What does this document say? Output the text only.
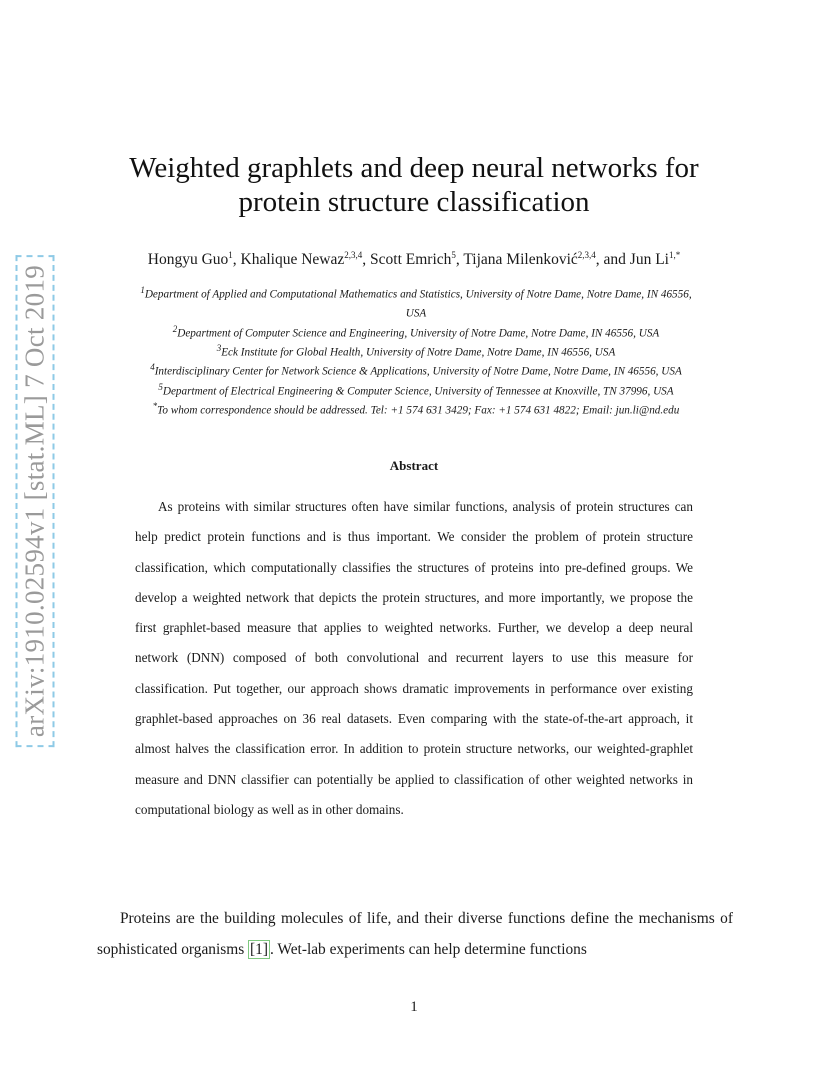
arXiv:1910.02594v1 [stat.ML] 7 Oct 2019
Weighted graphlets and deep neural networks for
protein structure classification
Hongyu Guo$^1$, Khalique Newaz$^{2,3,4}$, Scott Emrich$^5$, Tijana Milenković$^{2,3,4}$, and Jun $Li^{1,*}$
$^1$Department of Applied and Computational Mathematics and Statistics, University of Notre Dame, Notre Dame, IN 46556,
USA
$^2$Department of Computer Science and Engineering, University of Notre Dame, Notre Dame, IN 46556, USA
$^3$Eck Institute for Global Health, University of Notre Dame, Notre Dame, IN 46556, USA
$^4$Interdisciplinary Center for Network Science & Applications, University of Notre Dame, Notre Dame, IN 46556, USA
$^5$Department of Electrical Engineering & Computer Science, University of Tennessee at Knoxville, TN 37996, USA
*To whom correspondence should be addressed. Tel: +1 574 631 3429; Fax: +1 574 631 4822; Email: jun.li@nd.edu
Abstract

As proteins with similar structures often have similar functions, analysis of protein structures can help predict protein functions and is thus important. We consider the problem of protein structure classification, which computationally classifies the structures of proteins into pre-defined groups. We develop a weighted network that depicts the protein structures, and more importantly, we propose the first graphlet-based measure that applies to weighted networks. Further, we develop a deep neural network (DNN) composed of both convolutional and recurrent layers to use this measure for classification. Put together, our approach shows dramatic improvements in performance over existing graphlet-based approaches on 36 real datasets. Even comparing with the state-of-the-art approach, it almost halves the classification error. In addition to protein structure networks, our weighted-graphlet measure and DNN classifier can potentially be applied to classification of other weighted networks in computational biology as well as in other domains.

Proteins are the building molecules of life, and their diverse functions define the mechanisms of sophisticated organisms [1] . Wet-lab experiments can help determine functions

1
